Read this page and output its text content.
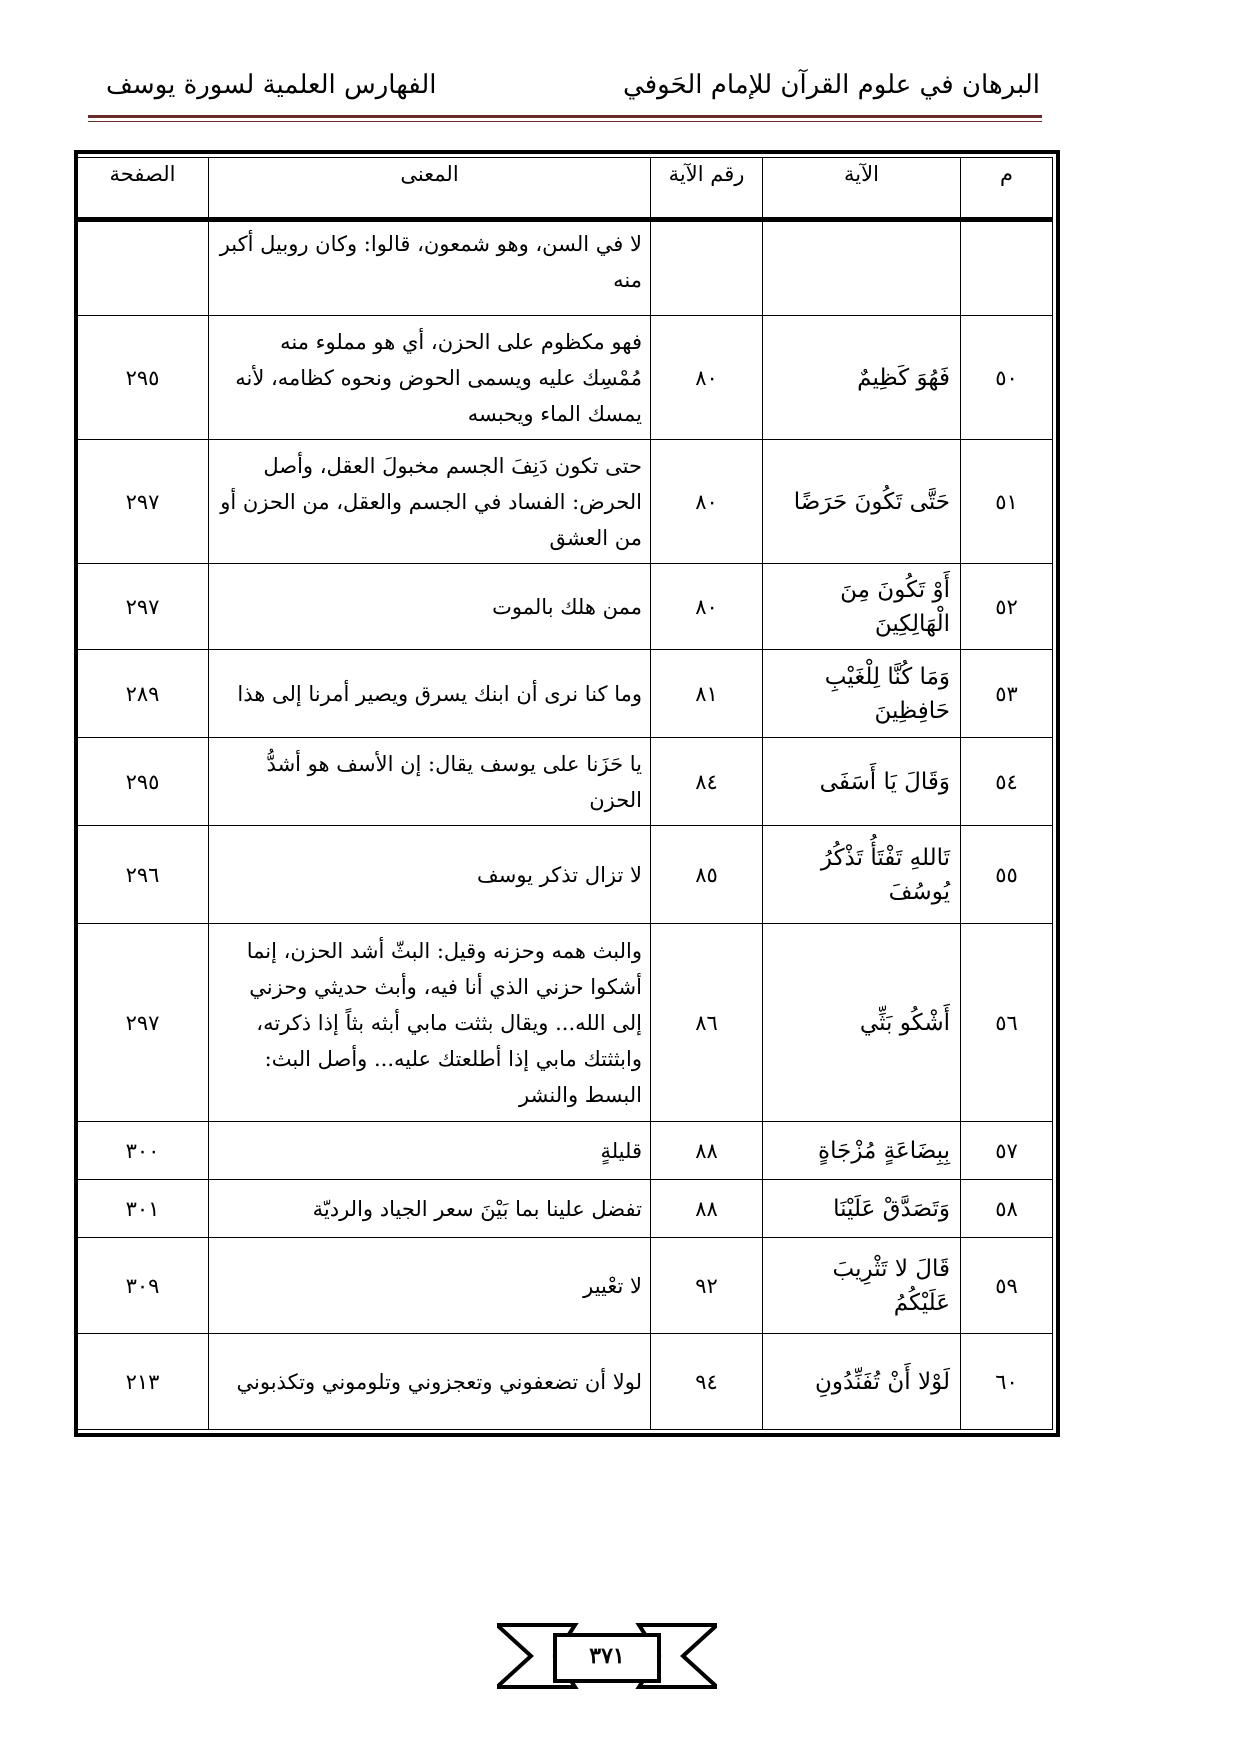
البرهان في علوم القرآن للإمام الحَوفي
الفهارس العلمية لسورة يوسف
م	الآية	رقم الآية	المعنى	الصفحة
			لا في السن، وهو شمعون، قالوا: وكان روبيل أكبر منه	
٥٠	فَهُوَ كَظِيمٌ	٨٠	فهو مكظوم على الحزن، أي هو مملوء منه مُمْسِك عليه ويسمى الحوض ونحوه كظامه، لأنه يمسك الماء ويحبسه	٢٩٥
٥١	حَتَّى تَكُونَ حَرَضًا	٨٠	حتى تكون دَنِفَ الجسم مخبولَ العقل، وأصل الحرض: الفساد في الجسم والعقل، من الحزن أو من العشق	٢٩٧
٥٢	أَوْ تَكُونَ مِنَ الْهَالِكِينَ	٨٠	ممن هلك بالموت	٢٩٧
٥٣	وَمَا كُنَّا لِلْغَيْبِ حَافِظِينَ	٨١	وما كنا نرى أن ابنك يسرق ويصير أمرنا إلى هذا	٢٨٩
٥٤	وَقَالَ يَا أَسَفَى	٨٤	يا حَزَنا على يوسف يقال: إن الأسف هو أشدُّ الحزن	٢٩٥
٥٥	تَاللهِ تَفْتَأُ تَذْكُرُ يُوسُفَ	٨٥	لا تزال تذكر يوسف	٢٩٦
٥٦	أَشْكُو بَثِّي	٨٦	والبث همه وحزنه وقيل: البثّ أشد الحزن، إنما أشكوا حزني الذي أنا فيه، وأبث حديثي وحزني إلى الله... ويقال بثثت مابي أبثه بثاً إذا ذكرته، وابثثتك مابي إذا أطلعتك عليه... وأصل البث: البسط والنشر	٢٩٧
٥٧	بِبِضَاعَةٍ مُزْجَاةٍ	٨٨	قليلةٍ	٣٠٠
٥٨	وَتَصَدَّقْ عَلَيْنَا	٨٨	تفضل علينا بما بَيْنَ سعر الجياد والرديّة	٣٠١
٥٩	قَالَ لا تَثْرِيبَ عَلَيْكُمُ	٩٢	لا تعْيير	٣٠٩
٦٠	لَوْلا أَنْ تُفَنِّدُونِ	٩٤	لولا أن تضعفوني وتعجزوني وتلوموني وتكذبوني	٢١٣
٣٧١
